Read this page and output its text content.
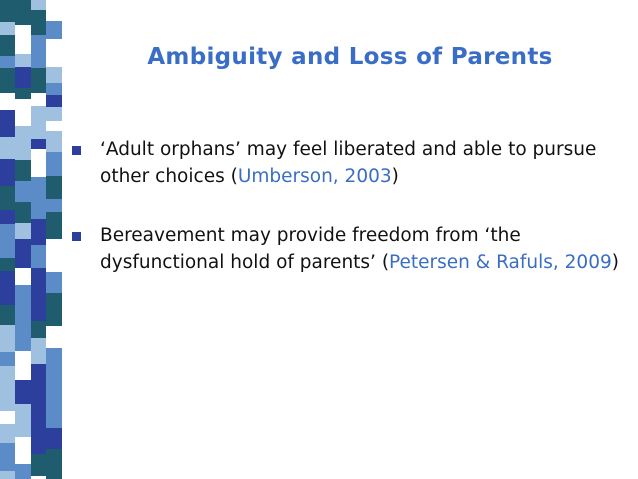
Ambiguity and Loss of Parents
‘Adult orphans’ may feel liberated and able to pursue other choices (Umberson, 2003)
Bereavement may provide freedom from ‘the dysfunctional hold of parents’ (Petersen & Rafuls, 2009)
